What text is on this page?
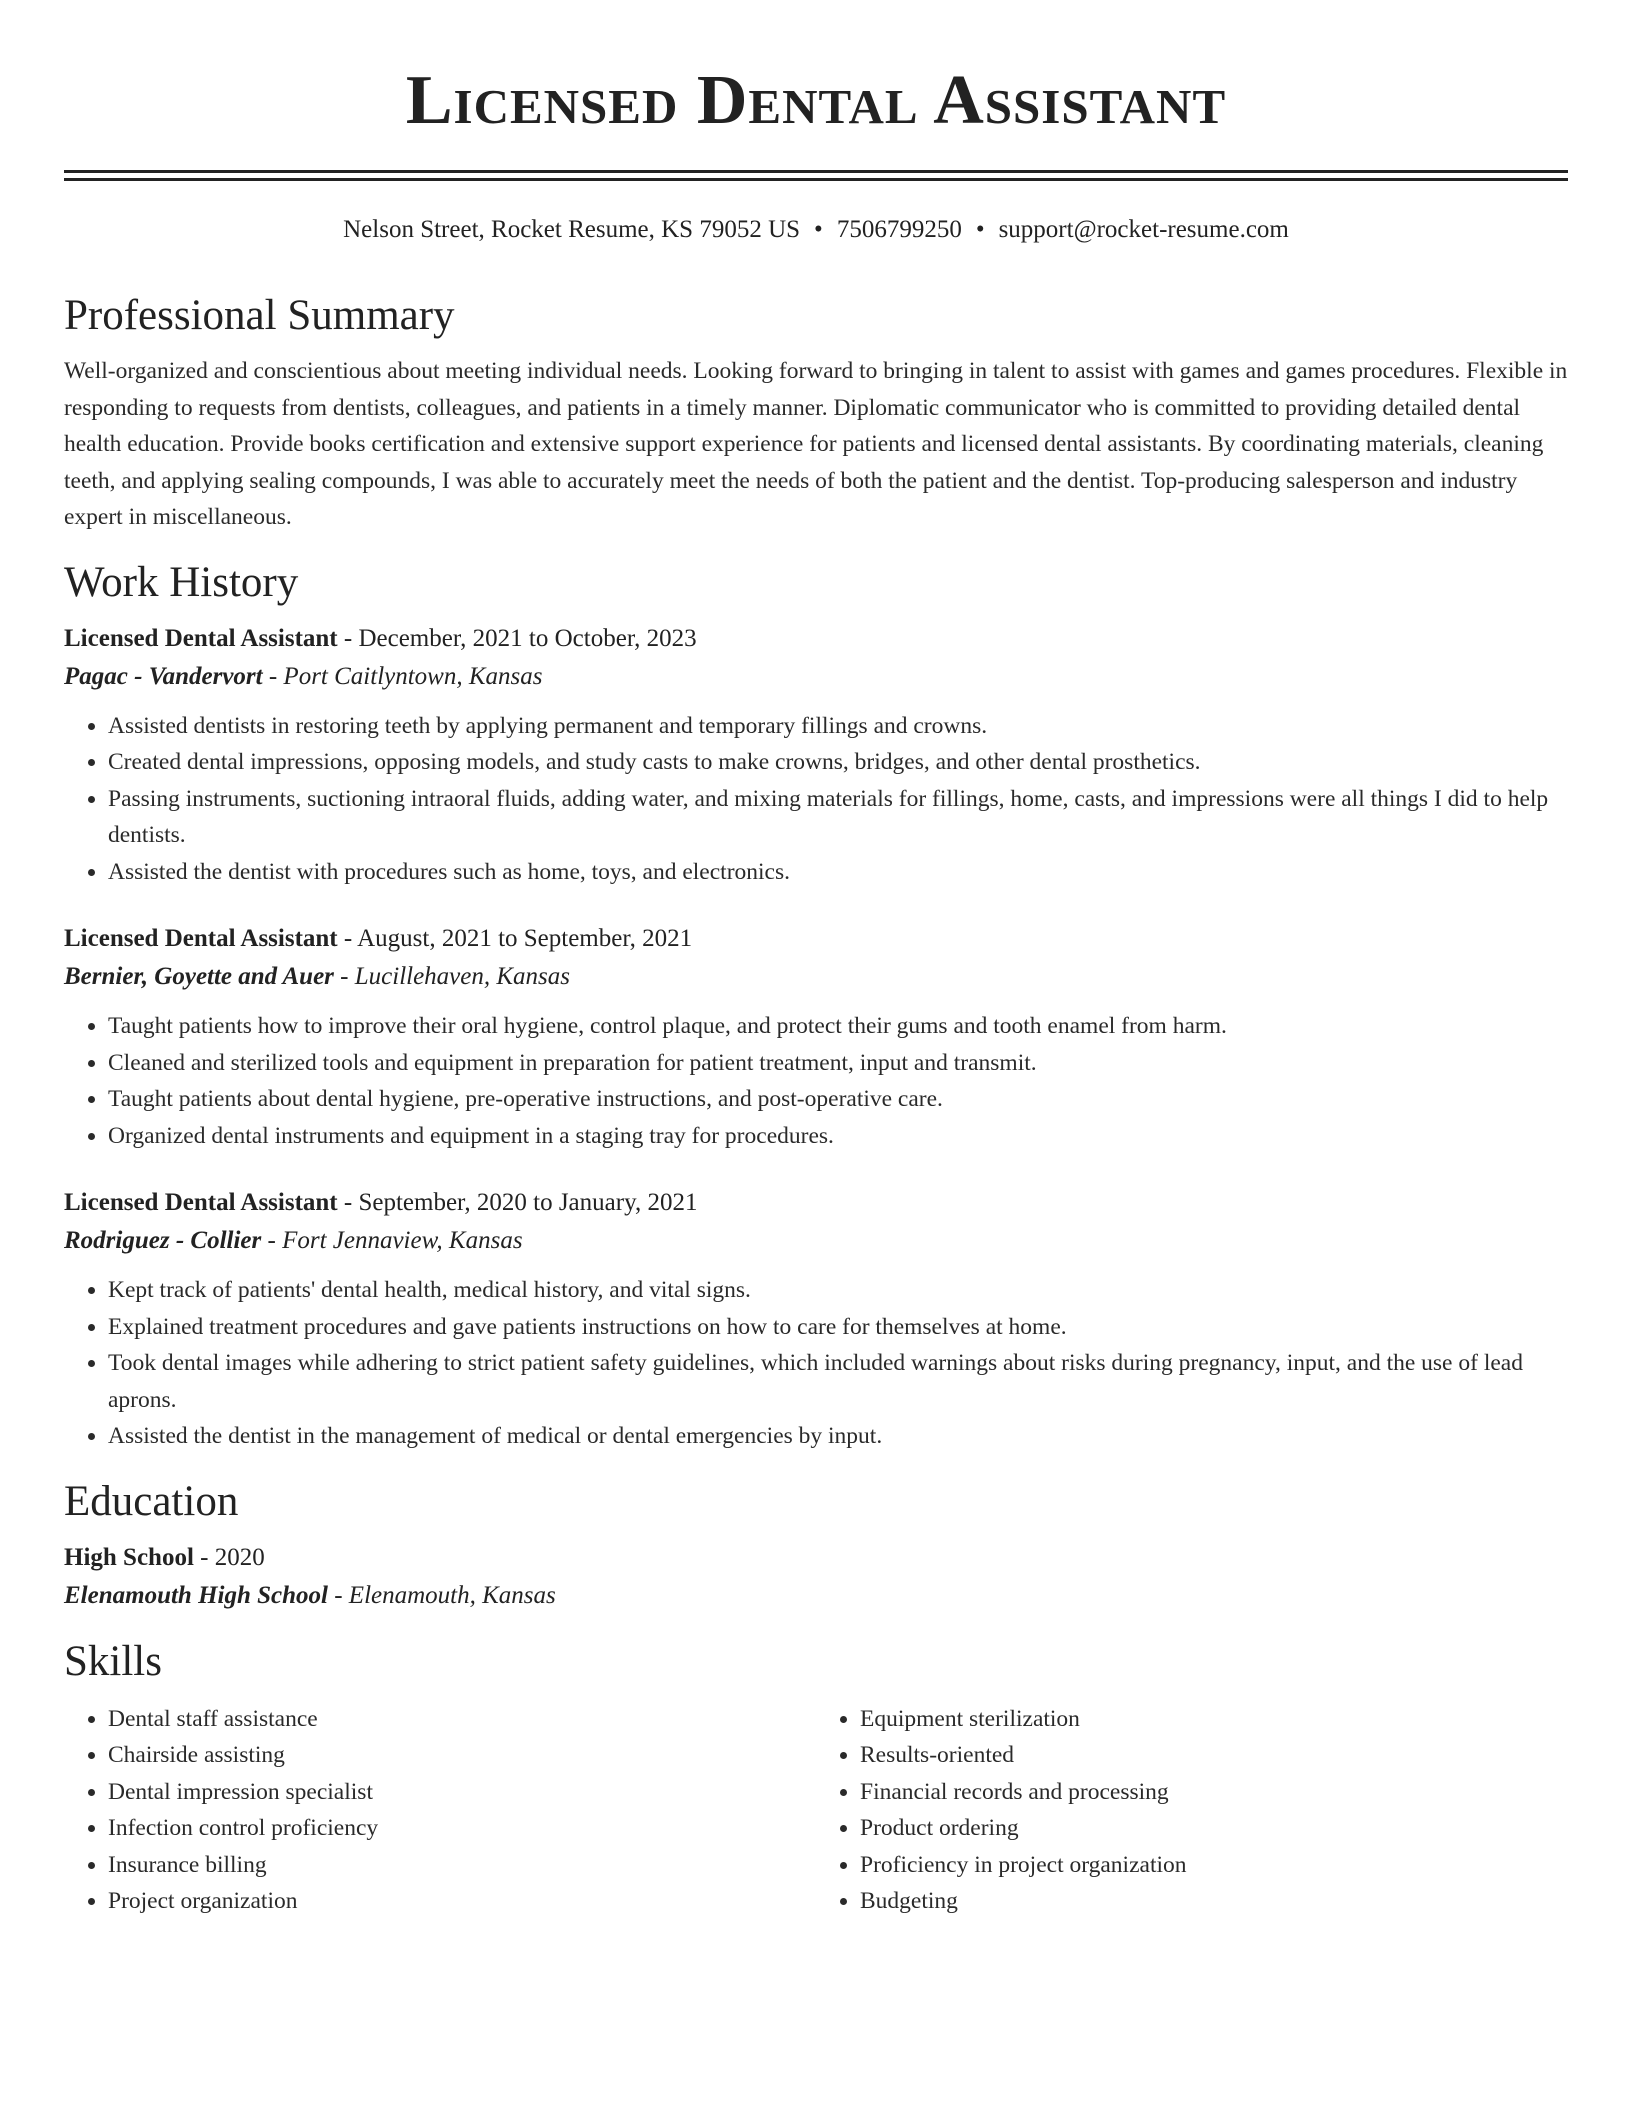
Licensed Dental Assistant
Nelson Street, Rocket Resume, KS 79052 US • 7506799250 • support@rocket-resume.com
Professional Summary

Well-organized and conscientious about meeting individual needs. Looking forward to bringing in talent to assist with games and games procedures. Flexible in responding to requests from dentists, colleagues, and patients in a timely manner. Diplomatic communicator who is committed to providing detailed dental health education. Provide books certification and extensive support experience for patients and licensed dental assistants. By coordinating materials, cleaning teeth, and applying sealing compounds, I was able to accurately meet the needs of both the patient and the dentist. Top-producing salesperson and industry expert in miscellaneous.

Work History

Licensed Dental Assistant - December, 2021 to October, 2023

Pagac - Vandervort - Port Caitlyntown, Kansas

• Assisted dentists in restoring teeth by applying permanent and temporary fillings and crowns.
• Created dental impressions, opposing models, and study casts to make crowns, bridges, and other dental prosthetics.
• Passing instruments, suctioning intraoral fluids, adding water, and mixing materials for fillings, home, casts, and impressions were all things I did to help dentists.
• Assisted the dentist with procedures such as home, toys, and electronics.

Licensed Dental Assistant - August, 2021 to September, 2021

Bernier, Goyette and Auer - Lucillehaven, Kansas

• Taught patients how to improve their oral hygiene, control plaque, and protect their gums and tooth enamel from harm.
• Cleaned and sterilized tools and equipment in preparation for patient treatment, input and transmit.
• Taught patients about dental hygiene, pre-operative instructions, and post-operative care.
• Organized dental instruments and equipment in a staging tray for procedures.

Licensed Dental Assistant - September, 2020 to January, 2021

Rodriguez - Collier - Fort Jennaview, Kansas

• Kept track of patients' dental health, medical history, and vital signs.
• Explained treatment procedures and gave patients instructions on how to care for themselves at home.
• Took dental images while adhering to strict patient safety guidelines, which included warnings about risks during pregnancy, input, and the use of lead aprons.
• Assisted the dentist in the management of medical or dental emergencies by input.
Education

High School - 2020

Elenamouth High School - Elenamouth, Kansas

Skills
• Dental staff assistance
• Chairside assisting
• Dental impression specialist
• Infection control proficiency
• Insurance billing
• Project organization
• Equipment sterilization
• Results-oriented
• Financial records and processing
• Product ordering
• Proficiency in project organization
• Budgeting
